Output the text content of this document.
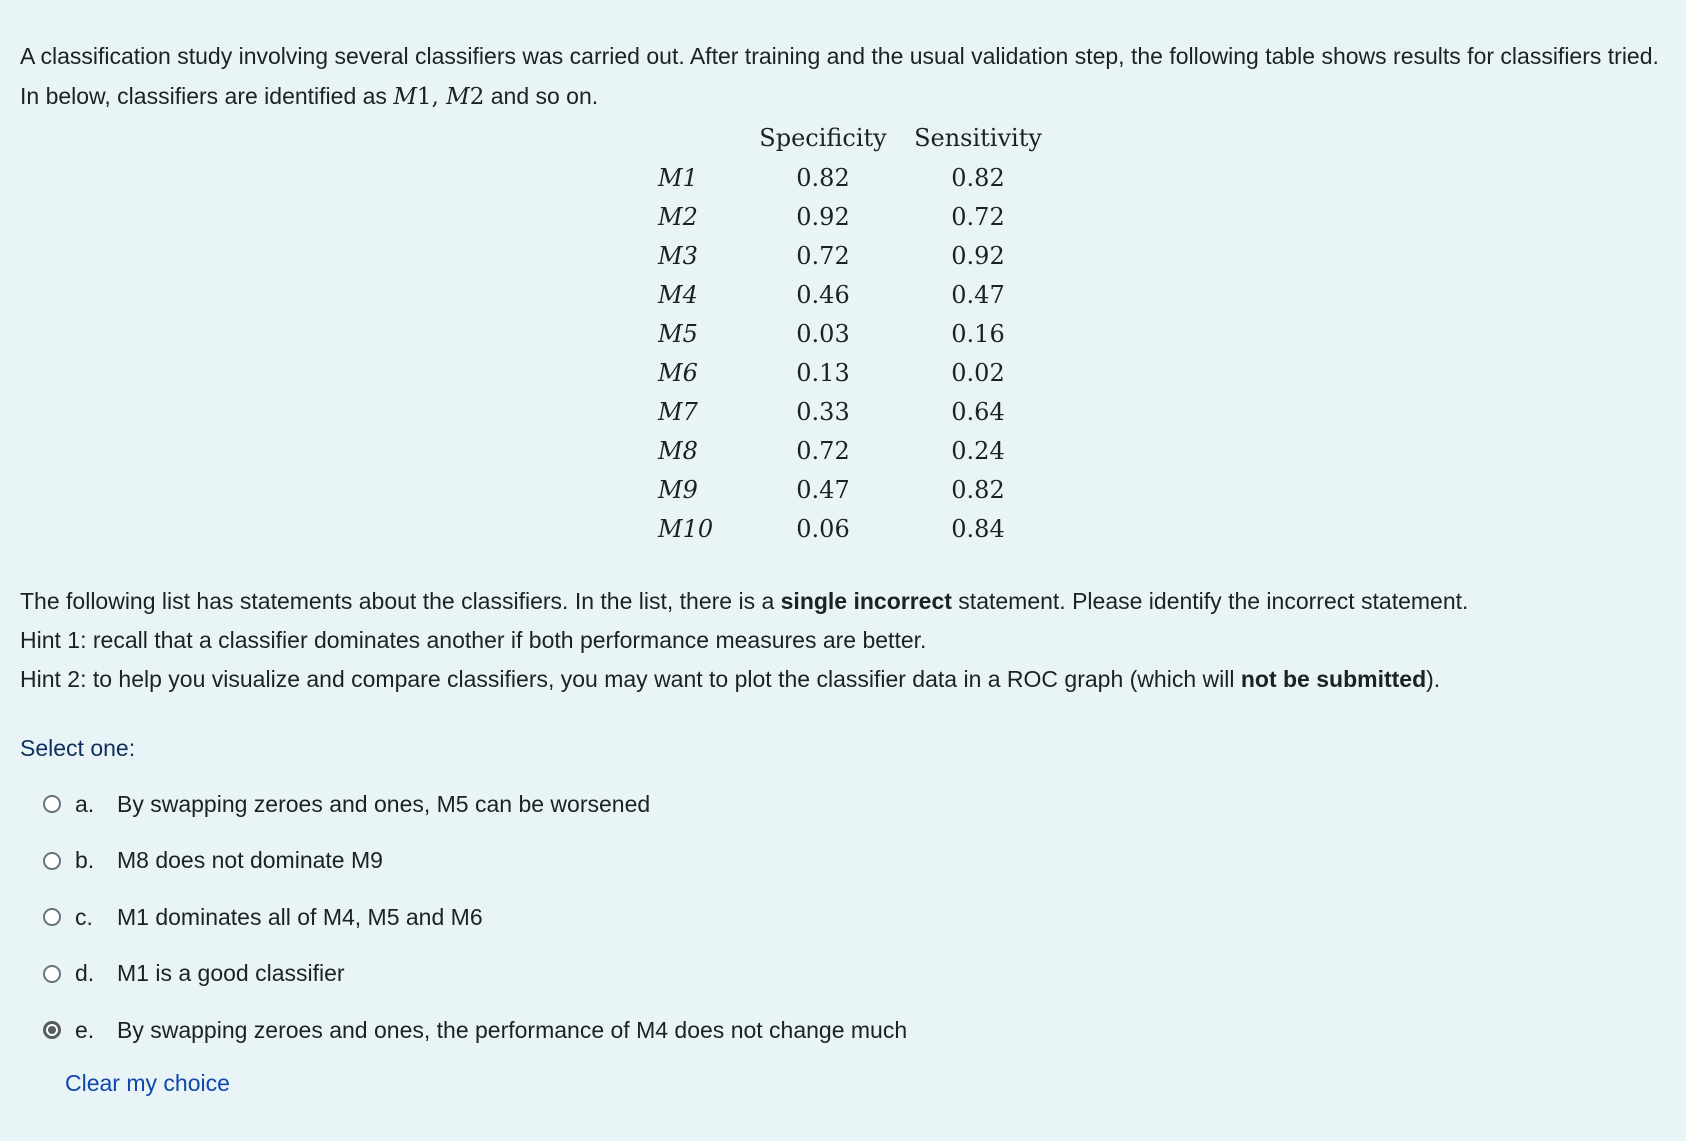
A classification study involving several classifiers was carried out. After training and the usual validation step, the following table shows results for classifiers tried. In below, classifiers are identified as M1, M2 and so on.
	Specificity	Sensitivity
M1	0.82	0.82
M2	0.92	0.72
M3	0.72	0.92
M4	0.46	0.47
M5	0.03	0.16
M6	0.13	0.02
M7	0.33	0.64
M8	0.72	0.24
M9	0.47	0.82
M10	0.06	0.84

The following list has statements about the classifiers. In the list, there is a single incorrect statement. Please identify the incorrect statement.

Hint 1: recall that a classifier dominates another if both performance measures are better.

Hint 2: to help you visualize and compare classifiers, you may want to plot the classifier data in a ROC graph (which will not be submitted).

Select one:
a. By swapping zeroes and ones, M5 can be worsened
b. M8 does not dominate M9
c.	M1 dominates all of M4, M5 and M6
d. M1 is a good classifier
e. By swapping zeroes and ones, the performance of M4 does not change much
Clear my choice
